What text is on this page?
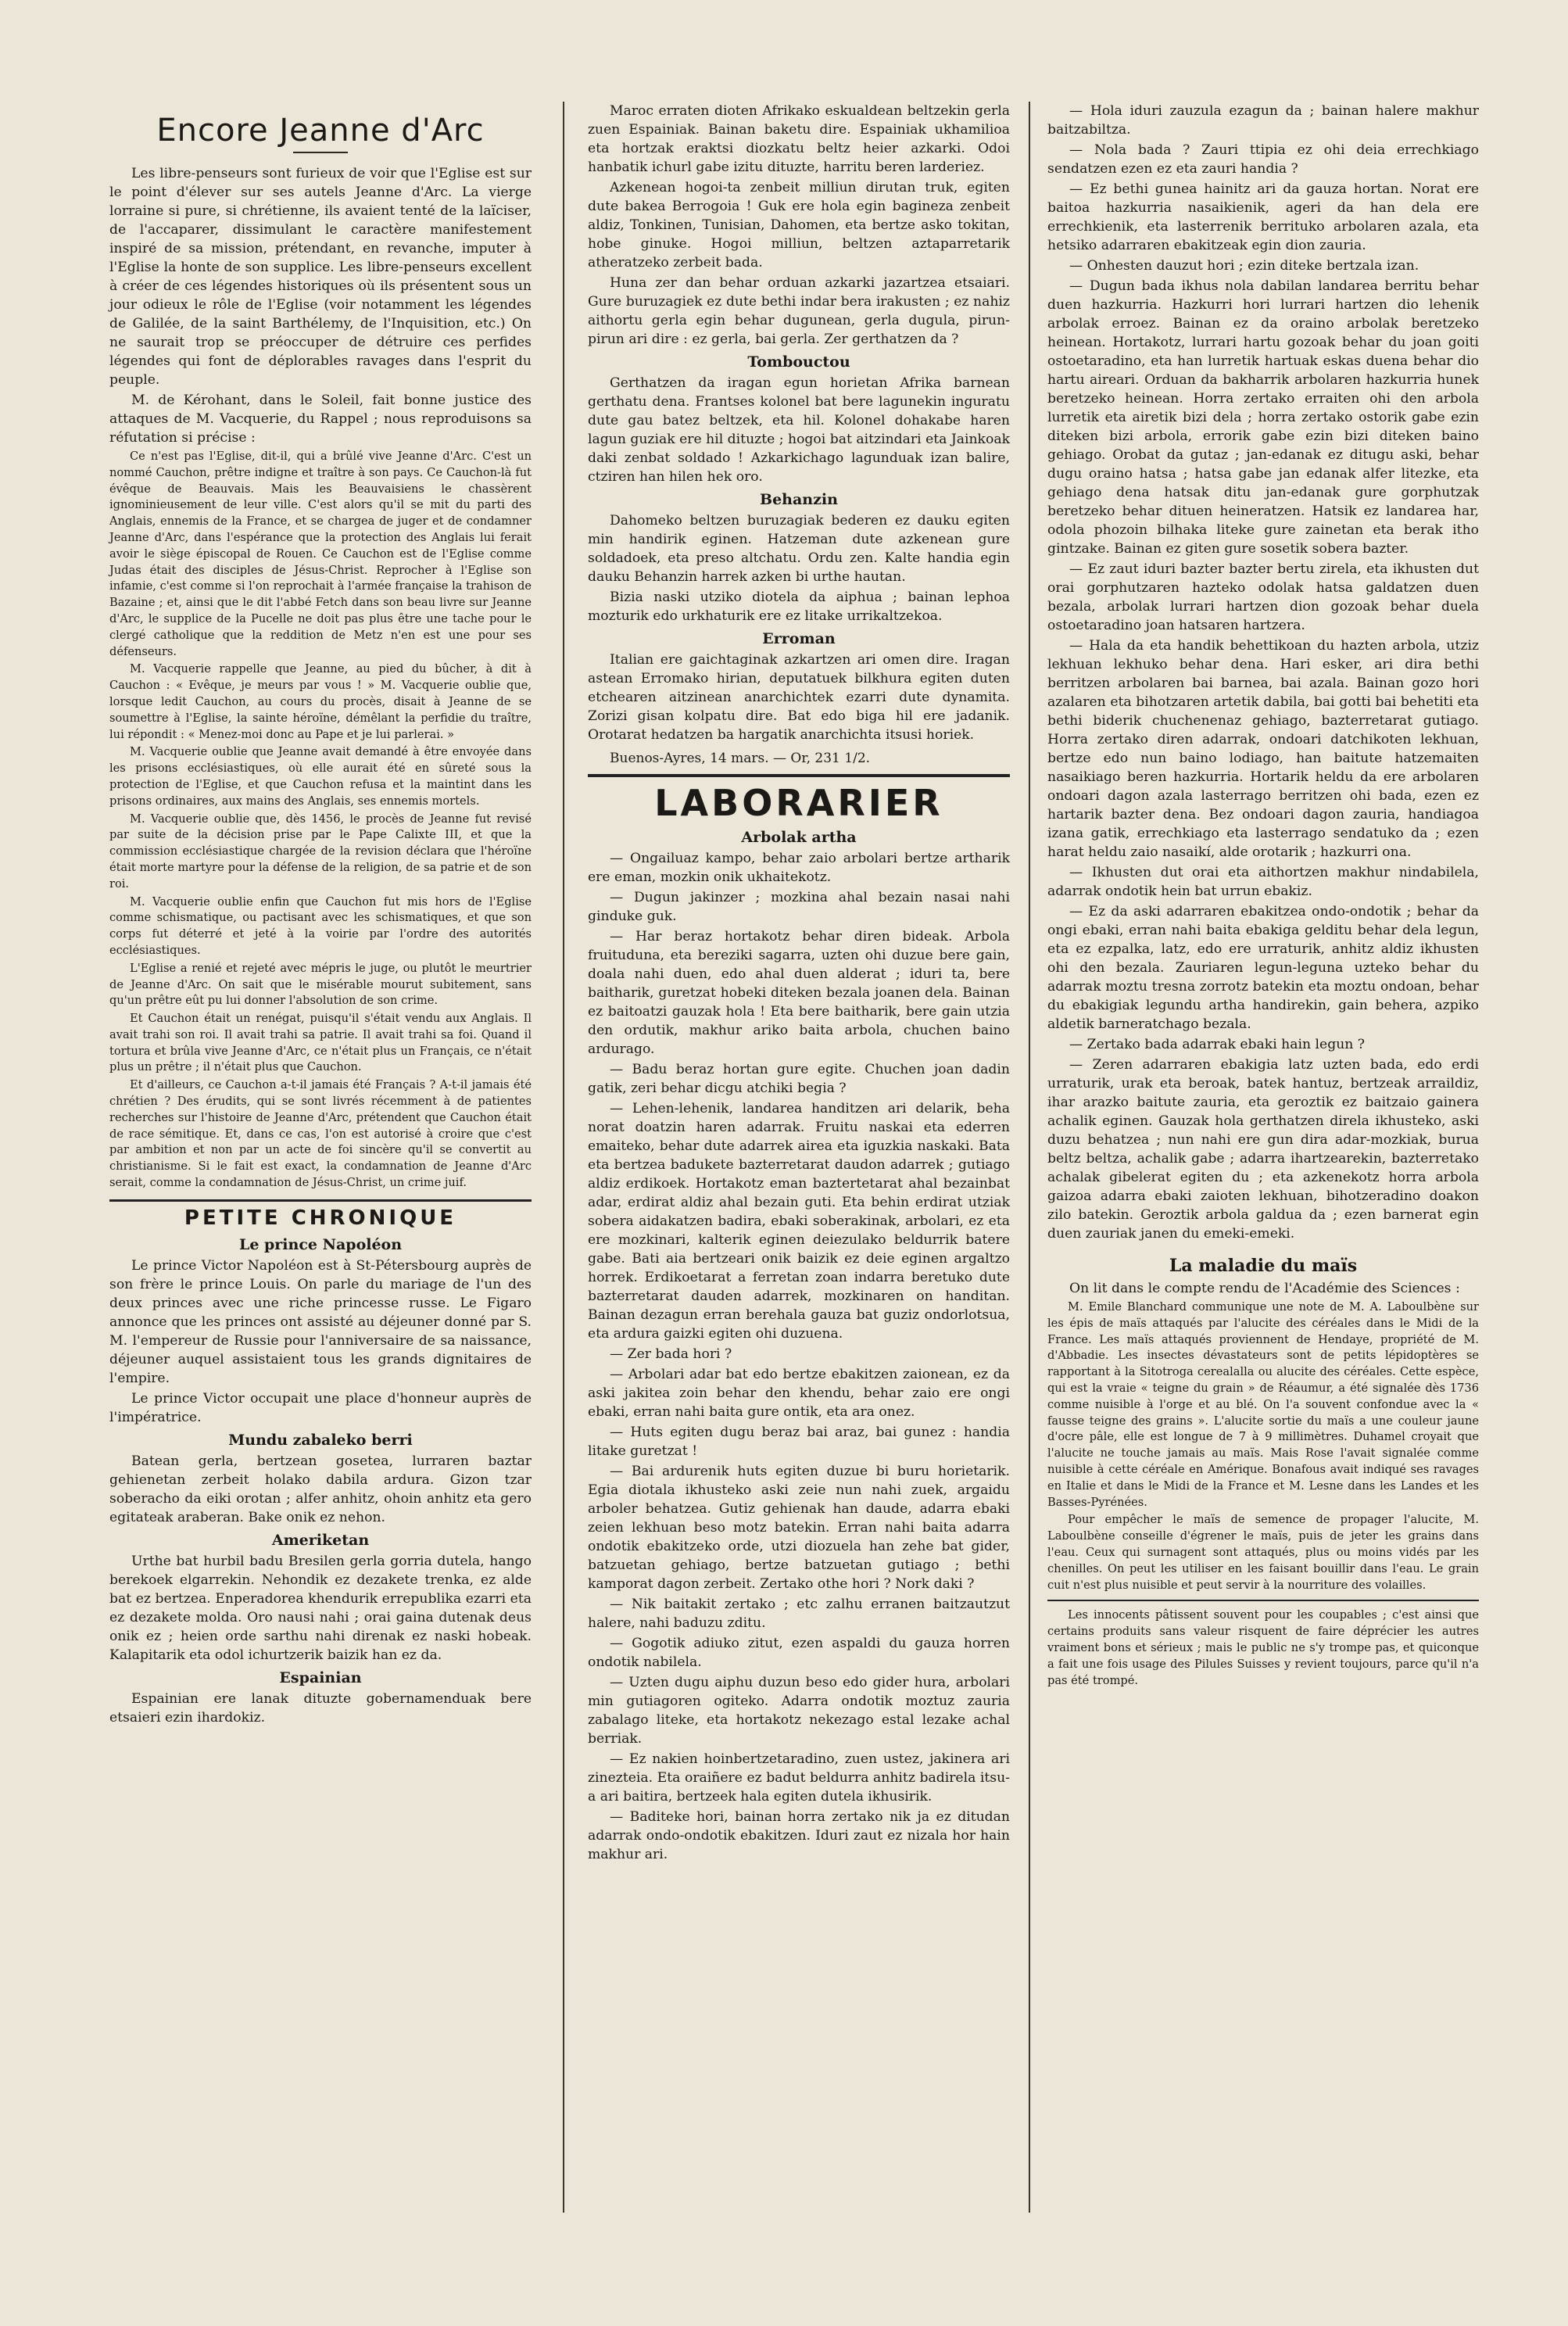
Encore Jeanne d'Arc

Les libre-penseurs sont furieux de voir que l'Eglise est sur le point d'élever sur ses autels Jeanne d'Arc. La vierge lorraine si pure, si chrétienne, ils avaient tenté de la laïciser, de l'accaparer, dissimulant le caractère manifestement inspiré de sa mission, prétendant, en revanche, imputer à l'Eglise la honte de son supplice. Les libre-penseurs excellent à créer de ces légendes historiques où ils présentent sous un jour odieux le rôle de l'Eglise (voir notamment les légendes de Galilée, de la saint Barthélemy, de l'Inquisition, etc.) On ne saurait trop se préoccuper de détruire ces perfides légendes qui font de déplorables ravages dans l'esprit du peuple.

M. de Kérohant, dans le Soleil, fait bonne justice des attaques de M. Vacquerie, du Rappel ; nous reproduisons sa réfutation si précise :

Ce n'est pas l'Eglise, dit-il, qui a brûlé vive Jeanne d'Arc. C'est un nommé Cauchon, prêtre indigne et traître à son pays. Ce Cauchon-là fut évêque de Beauvais. Mais les Beauvaisiens le chassèrent ignominieusement de leur ville. C'est alors qu'il se mit du parti des Anglais, ennemis de la France, et se chargea de juger et de condamner Jeanne d'Arc, dans l'espérance que la protection des Anglais lui ferait avoir le siège épiscopal de Rouen. Ce Cauchon est de l'Eglise comme Judas était des disciples de Jésus-Christ. Reprocher à l'Eglise son infamie, c'est comme si l'on reprochait à l'armée française la trahison de Bazaine ; et, ainsi que le dit l'abbé Fetch dans son beau livre sur Jeanne d'Arc, le supplice de la Pucelle ne doit pas plus être une tache pour le clergé catholique que la reddition de Metz n'en est une pour ses défenseurs.

M. Vacquerie rappelle que Jeanne, au pied du bûcher, à dit à Cauchon : « Evêque, je meurs par vous ! » M. Vacquerie oublie que, lorsque ledit Cauchon, au cours du procès, disait à Jeanne de se soumettre à l'Eglise, la sainte héroïne, démêlant la perfidie du traître, lui répondit : « Menez-moi donc au Pape et je lui parlerai. »

M. Vacquerie oublie que Jeanne avait demandé à être envoyée dans les prisons ecclésiastiques, où elle aurait été en sûreté sous la protection de l'Eglise, et que Cauchon refusa et la maintint dans les prisons ordinaires, aux mains des Anglais, ses ennemis mortels.

M. Vacquerie oublie que, dès 1456, le procès de Jeanne fut revisé par suite de la décision prise par le Pape Calixte III, et que la commission ecclésiastique chargée de la revision déclara que l'héroïne était morte martyre pour la défense de la religion, de sa patrie et de son roi.

M. Vacquerie oublie enfin que Cauchon fut mis hors de l'Eglise comme schismatique, ou pactisant avec les schismatiques, et que son corps fut déterré et jeté à la voirie par l'ordre des autorités ecclésiastiques.

L'Eglise a renié et rejeté avec mépris le juge, ou plutôt le meurtrier de Jeanne d'Arc. On sait que le misérable mourut subitement, sans qu'un prêtre eût pu lui donner l'absolution de son crime.

Et Cauchon était un renégat, puisqu'il s'était vendu aux Anglais. Il avait trahi son roi. Il avait trahi sa patrie. Il avait trahi sa foi. Quand il tortura et brûla vive Jeanne d'Arc, ce n'était plus un Français, ce n'était plus un prêtre ; il n'était plus que Cauchon.

Et d'ailleurs, ce Cauchon a-t-il jamais été Français ? A-t-il jamais été chrétien ? Des érudits, qui se sont livrés récemment à de patientes recherches sur l'histoire de Jeanne d'Arc, prétendent que Cauchon était de race sémitique. Et, dans ce cas, l'on est autorisé à croire que c'est par ambition et non par un acte de foi sincère qu'il se convertit au christianisme. Si le fait est exact, la condamnation de Jeanne d'Arc serait, comme la condamnation de Jésus-Christ, un crime juif.

PETITE CHRONIQUE
Le prince Napoléon

Le prince Victor Napoléon est à St-Pétersbourg auprès de son frère le prince Louis. On parle du mariage de l'un des deux princes avec une riche princesse russe. Le Figaro annonce que les princes ont assisté au déjeuner donné par S. M. l'empereur de Russie pour l'anniversaire de sa naissance, déjeuner auquel assistaient tous les grands dignitaires de l'empire.

Le prince Victor occupait une place d'honneur auprès de l'impératrice.

Mundu zabaleko berri

Batean gerla, bertzean gosetea, lurraren baztar gehienetan zerbeit holako dabila ardura. Gizon tzar soberacho da eiki orotan ; alfer anhitz, ohoin anhitz eta gero egitateak araberan. Bake onik ez nehon.

Ameriketan

Urthe bat hurbil badu Bresilen gerla gorria dutela, hango berekoek elgarrekin. Nehondik ez dezakete trenka, ez alde bat ez bertzea. Enperadorea khendurik errepublika ezarri eta ez dezakete molda. Oro nausi nahi ; orai gaina dutenak deus onik ez ; heien orde sarthu nahi direnak ez naski hobeak. Kalapitarik eta odol ichurtzerik baizik han ez da.

Espainian

Espainian ere lanak dituzte gobernamenduak bere etsaieri ezin ihardokiz.

Maroc erraten dioten Afrikako eskualdean beltzekin gerla zuen Espainiak. Bainan baketu dire. Espainiak ukhamilioa eta hortzak eraktsi diozkatu beltz heier azkarki. Odoi hanbatik ichurl gabe izitu dituzte, harritu beren larderiez.

Azkenean hogoi-ta zenbeit milliun dirutan truk, egiten dute bakea Berrogoia ! Guk ere hola egin bagineza zenbeit aldiz, Tonkinen, Tunisian, Dahomen, eta bertze asko tokitan, hobe ginuke. Hogoi milliun, beltzen aztaparretarik atheratzeko zerbeit bada.

Huna zer dan behar orduan azkarki jazartzea etsaiari. Gure buruzagiek ez dute bethi indar bera irakusten ; ez nahiz aithortu gerla egin behar dugunean, gerla dugula, pirun-pirun ari dire : ez gerla, bai gerla. Zer gerthatzen da ?

Tombouctou

Gerthatzen da iragan egun horietan Afrika barnean gerthatu dena. Frantses kolonel bat bere lagunekin inguratu dute gau batez beltzek, eta hil. Kolonel dohakabe haren lagun guziak ere hil dituzte ; hogoi bat aitzindari eta Jainkoak daki zenbat soldado ! Azkarkichago lagunduak izan balire, ctziren han hilen hek oro.

Behanzin

Dahomeko beltzen buruzagiak bederen ez dauku egiten min handirik eginen. Hatzeman dute azkenean gure soldadoek, eta preso altchatu. Ordu zen. Kalte handia egin dauku Behanzin harrek azken bi urthe hautan.

Bizia naski utziko diotela da aiphua ; bainan lephoa mozturik edo urkhaturik ere ez litake urrikaltzekoa.

Erroman

Italian ere gaichtaginak azkartzen ari omen dire. Iragan astean Erromako hirian, deputatuek bilkhura egiten duten etchearen aitzinean anarchichtek ezarri dute dynamita. Zorizi gisan kolpatu dire. Bat edo biga hil ere jadanik. Orotarat hedatzen ba hargatik anarchichta itsusi horiek.

Buenos-Ayres, 14 mars. — Or, 231 1/2.
LABORARIER
Arbolak artha

— Ongailuaz kampo, behar zaio arbolari bertze artharik ere eman, mozkin onik ukhaitekotz.

— Dugun jakinzer ; mozkina ahal bezain nasai nahi ginduke guk.

— Har beraz hortakotz behar diren bideak. Arbola fruituduna, eta bereziki sagarra, uzten ohi duzue bere gain, doala nahi duen, edo ahal duen alderat ; iduri ta, bere baitharik, guretzat hobeki diteken bezala joanen dela. Bainan ez baitoatzi gauzak hola ! Eta bere baitharik, bere gain utzia den ordutik, makhur ariko baita arbola, chuchen baino ardurago.

— Badu beraz hortan gure egite. Chuchen joan dadin gatik, zeri behar dicgu atchiki begia ?

— Lehen-lehenik, landarea handitzen ari delarik, beha norat doatzin haren adarrak. Fruitu naskai eta ederren emaiteko, behar dute adarrek airea eta iguzkia naskaki. Bata eta bertzea badukete bazterretarat daudon adarrek ; gutiago aldiz erdikoek. Hortakotz eman baztertetarat ahal bezainbat adar, erdirat aldiz ahal bezain guti. Eta behin erdirat utziak sobera aidakatzen badira, ebaki soberakinak, arbolari, ez eta ere mozkinari, kalterik eginen deiezulako beldurrik batere gabe. Bati aia bertzeari onik baizik ez deie eginen argaltzo horrek. Erdikoetarat a ferretan zoan indarra beretuko dute bazterretarat dauden adarrek, mozkinaren on handitan. Bainan dezagun erran berehala gauza bat guziz ondorlotsua, eta ardura gaizki egiten ohi duzuena.

— Zer bada hori ?

— Arbolari adar bat edo bertze ebakitzen zaionean, ez da aski jakitea zoin behar den khendu, behar zaio ere ongi ebaki, erran nahi baita gure ontik, eta ara onez.

— Huts egiten dugu beraz bai araz, bai gunez : handia litake guretzat !

— Bai ardurenik huts egiten duzue bi buru horietarik. Egia diotala ikhusteko aski zeie nun nahi zuek, argaidu arboler behatzea. Gutiz gehienak han daude, adarra ebaki zeien lekhuan beso motz batekin. Erran nahi baita adarra ondotik ebakitzeko orde, utzi diozuela han zehe bat gider, batzuetan gehiago, bertze batzuetan gutiago ; bethi kamporat dagon zerbeit. Zertako othe hori ? Nork daki ?

— Nik baitakit zertako ; etc zalhu erranen baitzautzut halere, nahi baduzu zditu.

— Gogotik adiuko zitut, ezen aspaldi du gauza horren ondotik nabilela.

— Uzten dugu aiphu duzun beso edo gider hura, arbolari min gutiagoren ogiteko. Adarra ondotik moztuz zauria zabalago liteke, eta hortakotz nekezago estal lezake achal berriak.

— Ez nakien hoinbertzetaradino, zuen ustez, jakinera ari zinezteia. Eta oraiñere ez badut beldurra anhitz badirela itsu-a ari baitira, bertzeek hala egiten dutela ikhusirik.

— Baditeke hori, bainan horra zertako nik ja ez ditudan adarrak ondo-ondotik ebakitzen. Iduri zaut ez nizala hor hain makhur ari.

— Hola iduri zauzula ezagun da ; bainan halere makhur baitzabiltza.

— Nola bada ? Zauri ttipia ez ohi deia errechkiago sendatzen ezen ez eta zauri handia ?

— Ez bethi gunea hainitz ari da gauza hortan. Norat ere baitoa hazkurria nasaikienik, ageri da han dela ere errechkienik, eta lasterrenik berrituko arbolaren azala, eta hetsiko adarraren ebakitzeak egin dion zauria.

— Onhesten dauzut hori ; ezin diteke bertzala izan.

— Dugun bada ikhus nola dabilan landarea berritu behar duen hazkurria. Hazkurri hori lurrari hartzen dio lehenik arbolak erroez. Bainan ez da oraino arbolak beretzeko heinean. Hortakotz, lurrari hartu gozoak behar du joan goiti ostoetaradino, eta han lurretik hartuak eskas duena behar dio hartu aireari. Orduan da bakharrik arbolaren hazkurria hunek beretzeko heinean. Horra zertako erraiten ohi den arbola lurretik eta airetik bizi dela ; horra zertako ostorik gabe ezin diteken bizi arbola, errorik gabe ezin bizi diteken baino gehiago. Orobat da gutaz ; jan-edanak ez ditugu aski, behar dugu oraino hatsa ; hatsa gabe jan edanak alfer litezke, eta gehiago dena hatsak ditu jan-edanak gure gorphutzak beretzeko behar dituen heineratzen. Hatsik ez landarea har, odola phozoin bilhaka liteke gure zainetan eta berak itho gintzake. Bainan ez giten gure sosetik sobera bazter.

— Ez zaut iduri bazter bazter bertu zirela, eta ikhusten dut orai gorphutzaren hazteko odolak hatsa galdatzen duen bezala, arbolak lurrari hartzen dion gozoak behar duela ostoetaradino joan hatsaren hartzera.

— Hala da eta handik behettikoan du hazten arbola, utziz lekhuan lekhuko behar dena. Hari esker, ari dira bethi berritzen arbolaren bai barnea, bai azala. Bainan gozo hori azalaren eta bihotzaren artetik dabila, bai gotti bai behetiti eta bethi biderik chuchenenaz gehiago, bazterretarat gutiago. Horra zertako diren adarrak, ondoari datchikoten lekhuan, bertze edo nun baino lodiago, han baitute hatzemaiten nasaikiago beren hazkurria. Hortarik heldu da ere arbolaren ondoari dagon azala lasterrago berritzen ohi bada, ezen ez hartarik bazter dena. Bez ondoari dagon zauria, handiagoa izana gatik, errechkiago eta lasterrago sendatuko da ; ezen harat heldu zaio nasaikí, alde orotarik ; hazkurri ona.

— Ikhusten dut orai eta aithortzen makhur nindabilela, adarrak ondotik hein bat urrun ebakiz.

— Ez da aski adarraren ebakitzea ondo-ondotik ; behar da ongi ebaki, erran nahi baita ebakiga gelditu behar dela legun, eta ez ezpalka, latz, edo ere urraturik, anhitz aldiz ikhusten ohi den bezala. Zauriaren legun-leguna uzteko behar du adarrak moztu tresna zorrotz batekin eta moztu ondoan, behar du ebakigiak legundu artha handirekin, gain behera, azpiko aldetik barneratchago bezala.

— Zertako bada adarrak ebaki hain legun ?

— Zeren adarraren ebakigia latz uzten bada, edo erdi urraturik, urak eta beroak, batek hantuz, bertzeak arraildiz, ihar arazko baitute zauria, eta geroztik ez baitzaio gainera achalik eginen. Gauzak hola gerthatzen direla ikhusteko, aski duzu behatzea ; nun nahi ere gun dira adar-mozkiak, burua beltz beltza, achalik gabe ; adarra ihartzearekin, bazterretako achalak gibelerat egiten du ; eta azkenekotz horra arbola gaizoa adarra ebaki zaioten lekhuan, bihotzeradino doakon zilo batekin. Geroztik arbola galdua da ; ezen barnerat egin duen zauriak janen du emeki-emeki.

La maladie du maïs

On lit dans le compte rendu de l'Académie des Sciences :

M. Emile Blanchard communique une note de M. A. Laboulbène sur les épis de maïs attaqués par l'alucite des céréales dans le Midi de la France. Les maïs attaqués proviennent de Hendaye, propriété de M. d'Abbadie. Les insectes dévastateurs sont de petits lépidoptères se rapportant à la Sitotroga cerealalla ou alucite des céréales. Cette espèce, qui est la vraie « teigne du grain » de Réaumur, a été signalée dès 1736 comme nuisible à l'orge et au blé. On l'a souvent confondue avec la « fausse teigne des grains ». L'alucite sortie du maïs a une couleur jaune d'ocre pâle, elle est longue de 7 à 9 millimètres. Duhamel croyait que l'alucite ne touche jamais au maïs. Mais Rose l'avait signalée comme nuisible à cette céréale en Amérique. Bonafous avait indiqué ses ravages en Italie et dans le Midi de la France et M. Lesne dans les Landes et les Basses-Pyrénées.

Pour empêcher le maïs de semence de propager l'alucite, M. Laboulbène conseille d'égrener le maïs, puis de jeter les grains dans l'eau. Ceux qui surnagent sont attaqués, plus ou moins vidés par les chenilles. On peut les utiliser en les faisant bouillir dans l'eau. Le grain cuit n'est plus nuisible et peut servir à la nourriture des volailles.

Les innocents pâtissent souvent pour les coupables ; c'est ainsi que certains produits sans valeur risquent de faire déprécier les autres vraiment bons et sérieux ; mais le public ne s'y trompe pas, et quiconque a fait une fois usage des Pilules Suisses y revient toujours, parce qu'il n'a pas été trompé.
